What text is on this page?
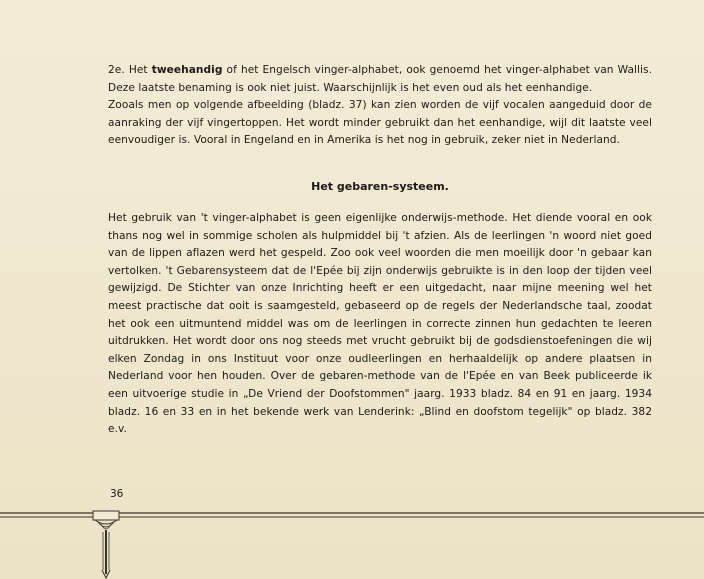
2e. Het tweehandig of het Engelsch vinger-alphabet, ook genoemd het vinger-alphabet van Wallis. Deze laatste benaming is ook niet juist. Waarschijnlijk is het even oud als het eenhandige.

Zooals men op volgende afbeelding (bladz. 37) kan zien worden de vijf vocalen aangeduid door de aanraking der vijf vingertoppen. Het wordt minder gebruikt dan het eenhandige, wijl dit laatste veel eenvoudiger is. Vooral in Engeland en in Amerika is het nog in gebruik, zeker niet in Nederland.

Het gebaren-systeem.

Het gebruik van 't vinger-alphabet is geen eigenlijke onderwijs-methode. Het diende vooral en ook thans nog wel in sommige scholen als hulpmiddel bij 't afzien. Als de leerlingen 'n woord niet goed van de lippen aflazen werd het gespeld. Zoo ook veel woorden die men moeilijk door 'n gebaar kan vertolken. 't Gebarensysteem dat de l'Epée bij zijn onderwijs gebruikte is in den loop der tijden veel gewijzigd. De Stichter van onze Inrichting heeft er een uitgedacht, naar mijne meening wel het meest practische dat ooit is saamgesteld, gebaseerd op de regels der Nederlandsche taal, zoodat het ook een uitmuntend middel was om de leerlingen in correcte zinnen hun gedachten te leeren uitdrukken. Het wordt door ons nog steeds met vrucht gebruikt bij de godsdienstoefeningen die wij elken Zondag in ons Instituut voor onze oudleerlingen en herhaaldelijk op andere plaatsen in Nederland voor hen houden. Over de gebaren-methode van de l'Epée en van Beek publiceerde ik een uitvoerige studie in „De Vriend der Doofstommen" jaarg. 1933 bladz. 84 en 91 en jaarg. 1934 bladz. 16 en 33 en in het bekende werk van Lenderink: „Blind en doofstom tegelijk" op bladz. 382 e.v.

36
